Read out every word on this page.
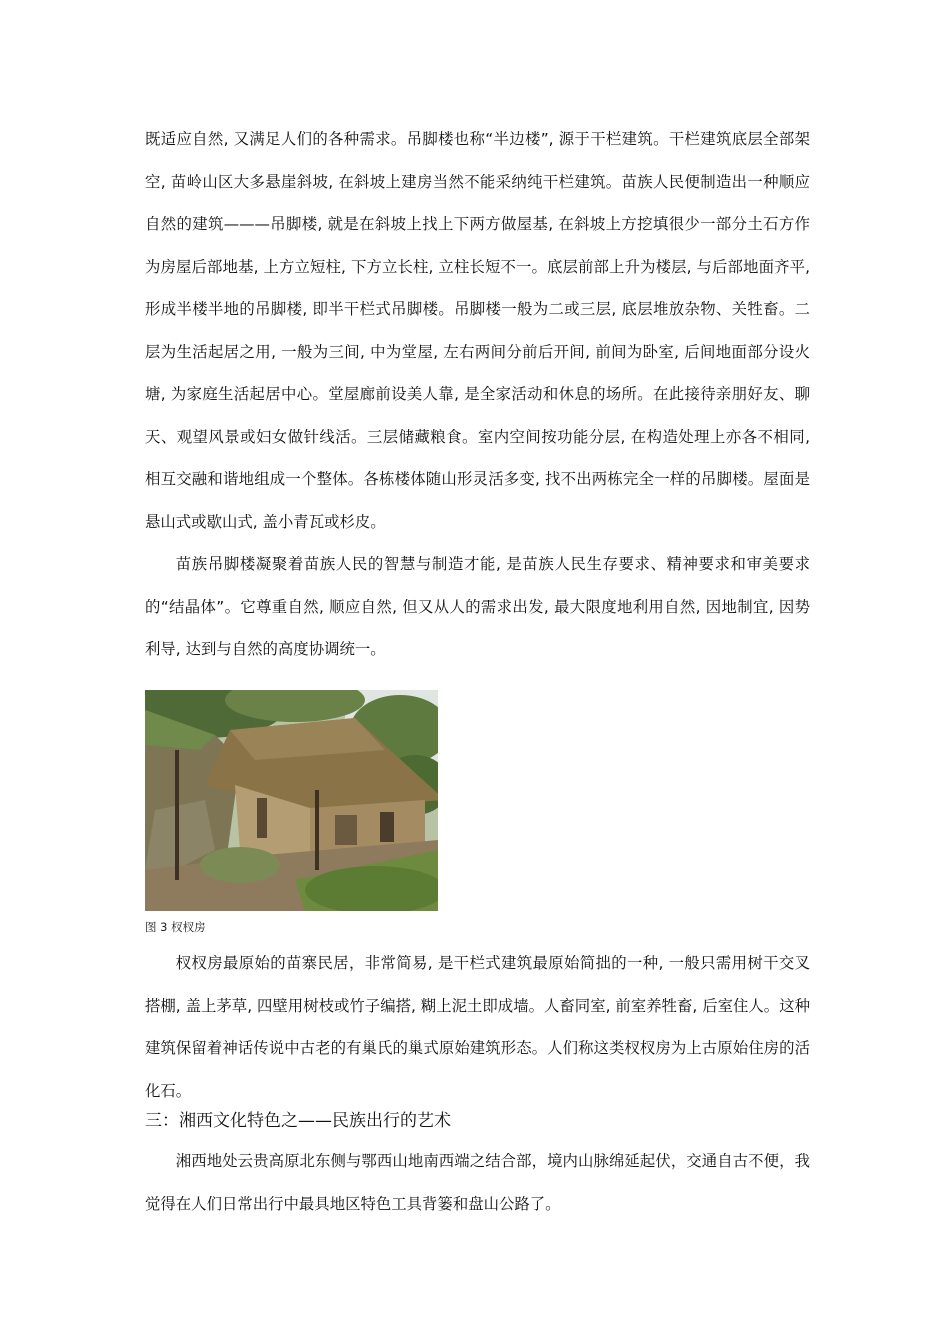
既适应自然, 又满足人们的各种需求。吊脚楼也称“半边楼”, 源于干栏建筑。干栏建筑底层全部架空, 苗岭山区大多悬崖斜坡, 在斜坡上建房当然不能采纳纯干栏建筑。苗族人民便制造出一种顺应自然的建筑———吊脚楼, 就是在斜坡上找上下两方做屋基, 在斜坡上方挖填很少一部分土石方作为房屋后部地基, 上方立短柱, 下方立长柱, 立柱长短不一。底层前部上升为楼层, 与后部地面齐平, 形成半楼半地的吊脚楼, 即半干栏式吊脚楼。吊脚楼一般为二或三层, 底层堆放杂物、关牲畜。二层为生活起居之用, 一般为三间, 中为堂屋, 左右两间分前后开间, 前间为卧室, 后间地面部分设火塘, 为家庭生活起居中心。堂屋廊前设美人靠, 是全家活动和休息的场所。在此接待亲朋好友、聊天、观望风景或妇女做针线活。三层储藏粮食。室内空间按功能分层, 在构造处理上亦各不相同, 相互交融和谐地组成一个整体。各栋楼体随山形灵活多变, 找不出两栋完全一样的吊脚楼。屋面是悬山式或歇山式, 盖小青瓦或杉皮。

苗族吊脚楼凝聚着苗族人民的智慧与制造才能, 是苗族人民生存要求、精神要求和审美要求的“结晶体”。它尊重自然, 顺应自然, 但又从人的需求出发, 最大限度地利用自然, 因地制宜, 因势利导, 达到与自然的高度协调统一。

图 3 杈杈房

杈杈房最原始的苗寨民居，非常简易, 是干栏式建筑最原始简拙的一种, 一般只需用树干交叉搭棚, 盖上茅草, 四壁用树枝或竹子编搭, 糊上泥土即成墙。人畜同室, 前室养牲畜, 后室住人。这种建筑保留着神话传说中古老的有巢氏的巢式原始建筑形态。人们称这类杈杈房为上古原始住房的活化石。

三：湘西文化特色之——民族出行的艺术

湘西地处云贵高原北东侧与鄂西山地南西端之结合部，境内山脉绵延起伏，交通自古不便，我觉得在人们日常出行中最具地区特色工具背篓和盘山公路了。
